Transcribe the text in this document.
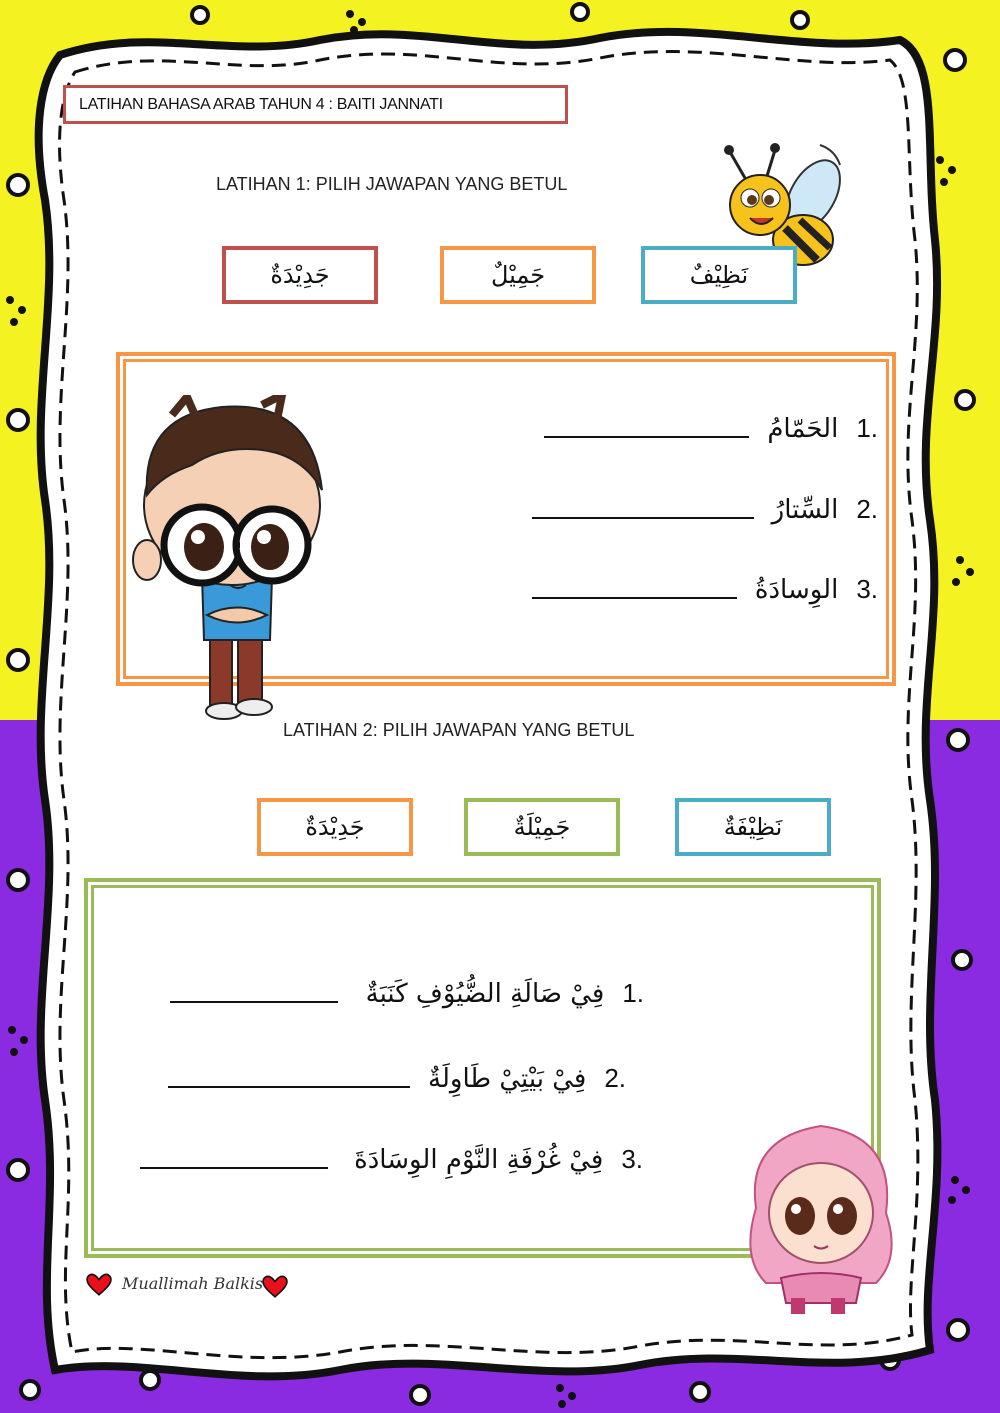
LATIHAN BAHASA ARAB TAHUN 4 : BAITI JANNATI
LATIHAN 1: PILIH JAWAPAN YANG BETUL
جَدِيْدَةٌ	جَمِيْلٌ	نَظِيْفٌ
1.
الحَمّامُ
2.
السِّتارُ
3.
الوِسادَةُ
LATIHAN 2: PILIH JAWAPAN YANG BETUL
جَدِيْدَةٌ	جَمِيْلَةٌ	نَظِيْفَةٌ
1.
فِيْ صَالَةِ الضُّيُوْفِ كَنَبَةٌ
2.
فِيْ بَيْتِيْ طَاوِلَةٌ
3.
فِيْ غُرْفَةِ النَّوْمِ الوِسَادَةَ
Muallimah Balkis
